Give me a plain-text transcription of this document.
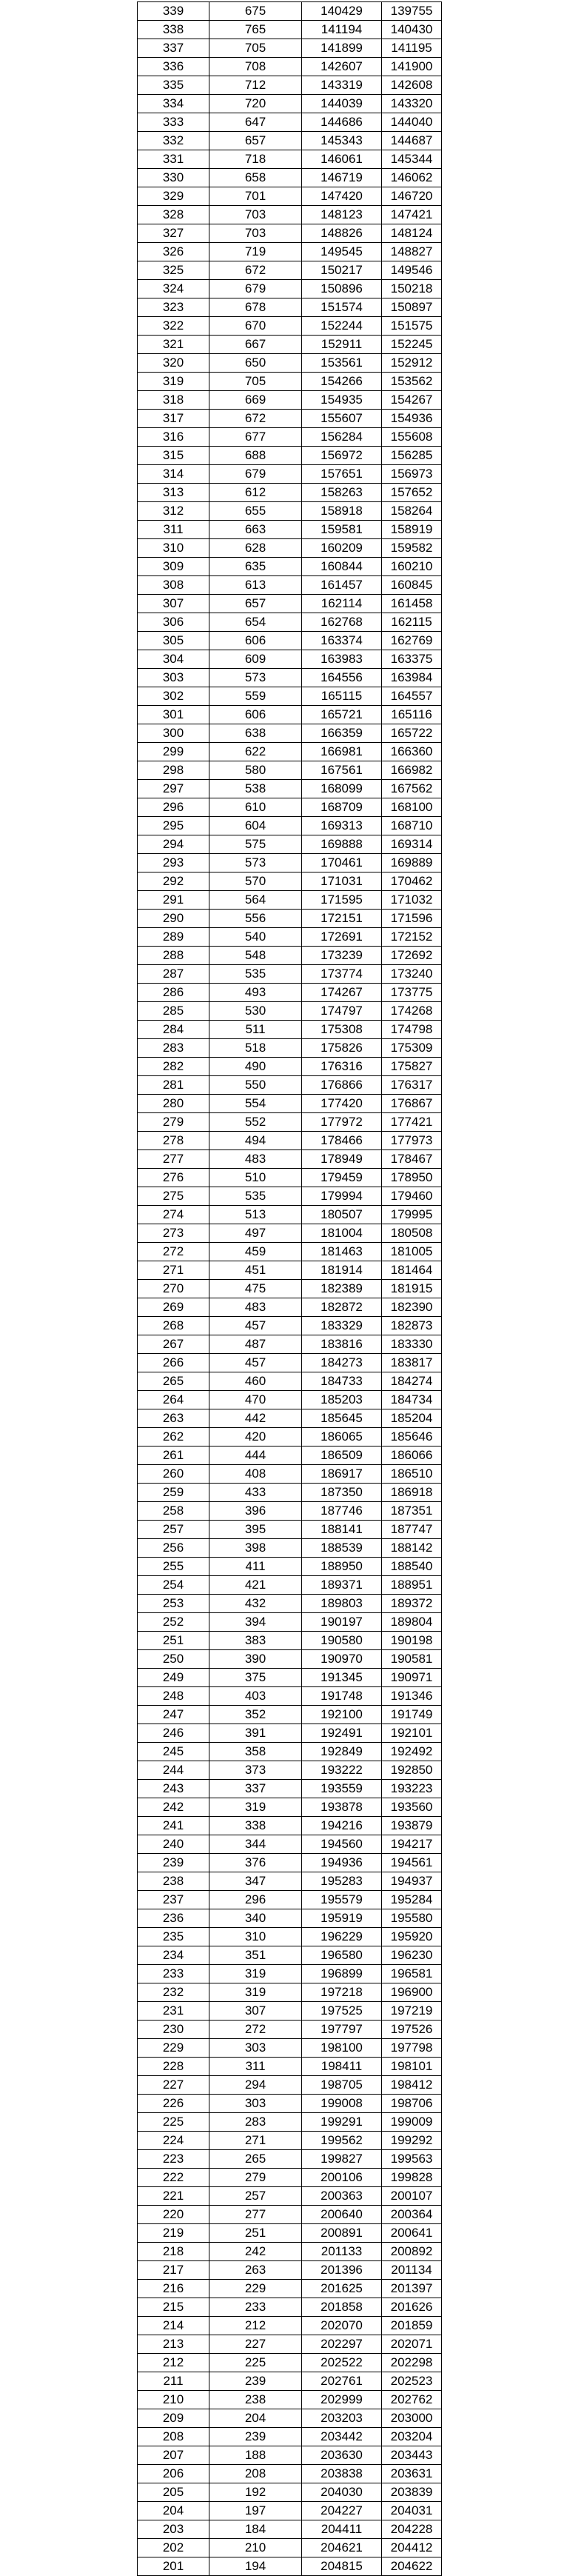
339	675	140429	139755
338	765	141194	140430
337	705	141899	141195
336	708	142607	141900
335	712	143319	142608
334	720	144039	143320
333	647	144686	144040
332	657	145343	144687
331	718	146061	145344
330	658	146719	146062
329	701	147420	146720
328	703	148123	147421
327	703	148826	148124
326	719	149545	148827
325	672	150217	149546
324	679	150896	150218
323	678	151574	150897
322	670	152244	151575
321	667	152911	152245
320	650	153561	152912
319	705	154266	153562
318	669	154935	154267
317	672	155607	154936
316	677	156284	155608
315	688	156972	156285
314	679	157651	156973
313	612	158263	157652
312	655	158918	158264
311	663	159581	158919
310	628	160209	159582
309	635	160844	160210
308	613	161457	160845
307	657	162114	161458
306	654	162768	162115
305	606	163374	162769
304	609	163983	163375
303	573	164556	163984
302	559	165115	164557
301	606	165721	165116
300	638	166359	165722
299	622	166981	166360
298	580	167561	166982
297	538	168099	167562
296	610	168709	168100
295	604	169313	168710
294	575	169888	169314
293	573	170461	169889
292	570	171031	170462
291	564	171595	171032
290	556	172151	171596
289	540	172691	172152
288	548	173239	172692
287	535	173774	173240
286	493	174267	173775
285	530	174797	174268
284	511	175308	174798
283	518	175826	175309
282	490	176316	175827
281	550	176866	176317
280	554	177420	176867
279	552	177972	177421
278	494	178466	177973
277	483	178949	178467
276	510	179459	178950
275	535	179994	179460
274	513	180507	179995
273	497	181004	180508
272	459	181463	181005
271	451	181914	181464
270	475	182389	181915
269	483	182872	182390
268	457	183329	182873
267	487	183816	183330
266	457	184273	183817
265	460	184733	184274
264	470	185203	184734
263	442	185645	185204
262	420	186065	185646
261	444	186509	186066
260	408	186917	186510
259	433	187350	186918
258	396	187746	187351
257	395	188141	187747
256	398	188539	188142
255	411	188950	188540
254	421	189371	188951
253	432	189803	189372
252	394	190197	189804
251	383	190580	190198
250	390	190970	190581
249	375	191345	190971
248	403	191748	191346
247	352	192100	191749
246	391	192491	192101
245	358	192849	192492
244	373	193222	192850
243	337	193559	193223
242	319	193878	193560
241	338	194216	193879
240	344	194560	194217
239	376	194936	194561
238	347	195283	194937
237	296	195579	195284
236	340	195919	195580
235	310	196229	195920
234	351	196580	196230
233	319	196899	196581
232	319	197218	196900
231	307	197525	197219
230	272	197797	197526
229	303	198100	197798
228	311	198411	198101
227	294	198705	198412
226	303	199008	198706
225	283	199291	199009
224	271	199562	199292
223	265	199827	199563
222	279	200106	199828
221	257	200363	200107
220	277	200640	200364
219	251	200891	200641
218	242	201133	200892
217	263	201396	201134
216	229	201625	201397
215	233	201858	201626
214	212	202070	201859
213	227	202297	202071
212	225	202522	202298
211	239	202761	202523
210	238	202999	202762
209	204	203203	203000
208	239	203442	203204
207	188	203630	203443
206	208	203838	203631
205	192	204030	203839
204	197	204227	204031
203	184	204411	204228
202	210	204621	204412
201	194	204815	204622
